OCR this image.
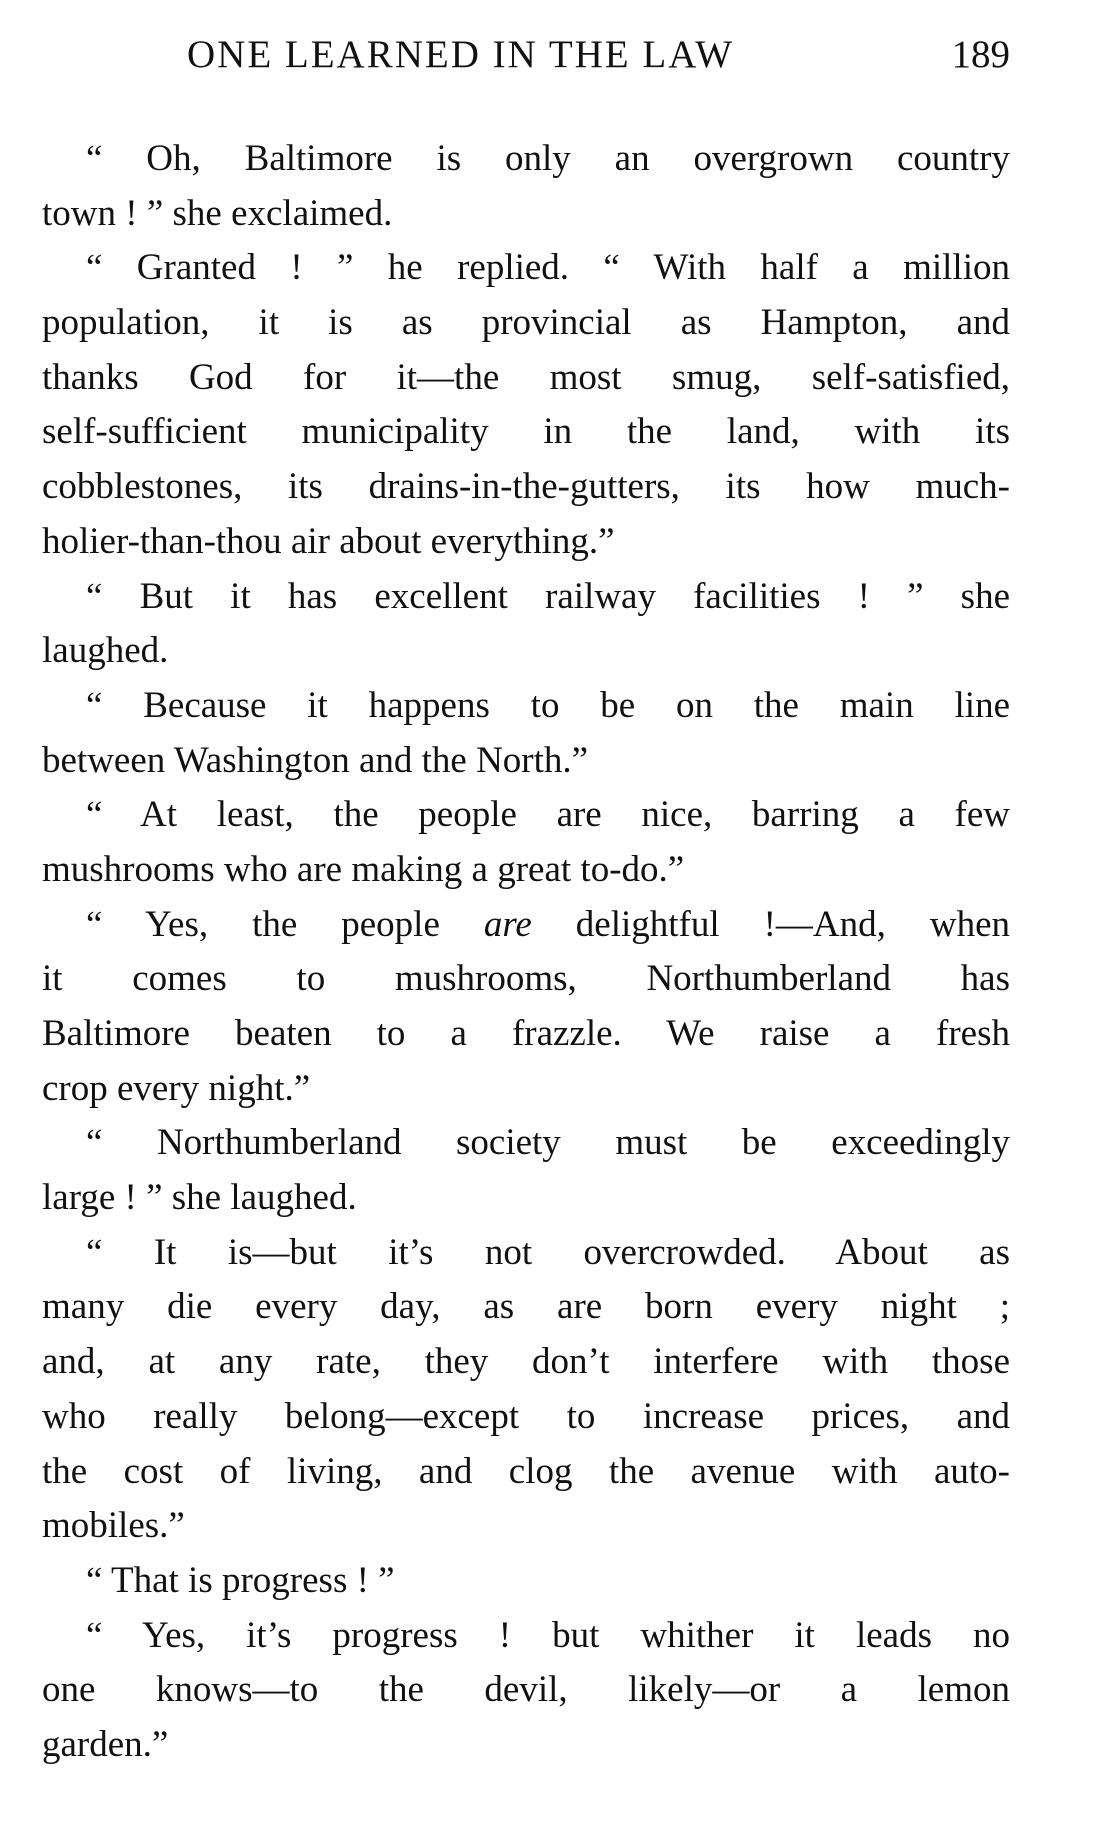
ONE LEARNED IN THE LAW	189
“ Oh, Baltimore is only an overgrown country
town ! ” she exclaimed.
“ Granted ! ” he replied. “ With half a million
population, it is as provincial as Hampton, and
thanks God for it—the most smug, self-satisfied,
self-sufficient municipality in the land, with its
cobblestones, its drains-in-the-gutters, its how much-
holier-than-thou air about everything.”
“ But it has excellent railway facilities ! ” she
laughed.
“ Because it happens to be on the main line
between Washington and the North.”
“ At least, the people are nice, barring a few
mushrooms who are making a great to-do.”
“ Yes, the people are delightful !—And, when
it comes to mushrooms, Northumberland has
Baltimore beaten to a frazzle. We raise a fresh
crop every night.”
“ Northumberland society must be exceedingly
large ! ” she laughed.
“ It is—but it’s not overcrowded. About as
many die every day, as are born every night ;
and, at any rate, they don’t interfere with those
who really belong—except to increase prices, and
the cost of living, and clog the avenue with auto-
mobiles.”
“ That is progress ! ”
“ Yes, it’s progress ! but whither it leads no
one knows—to the devil, likely—or a lemon
garden.”
